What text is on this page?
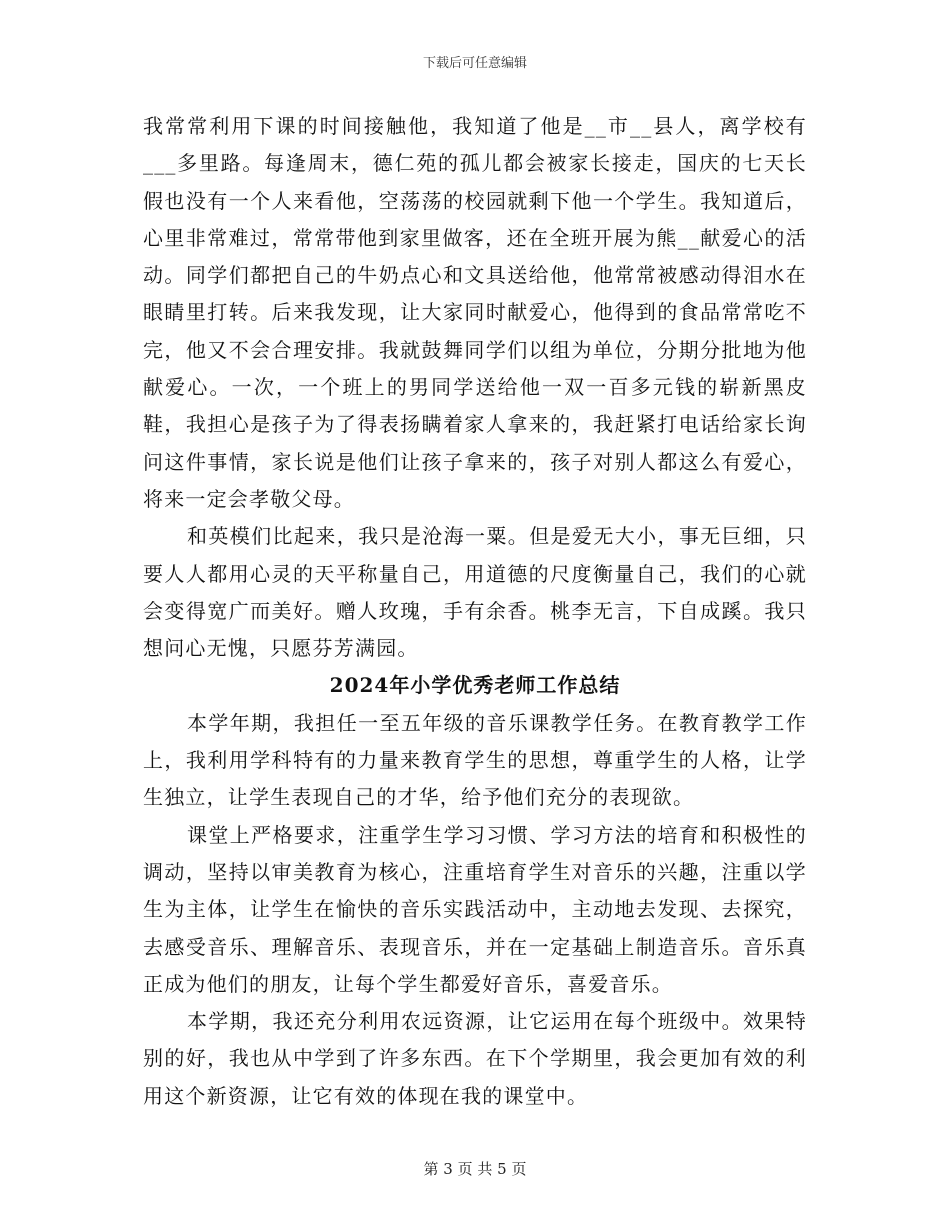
下载后可任意编辑

我常常利用下课的时间接触他，我知道了他是__市__县人，离学校有___多里路。每逢周末，德仁苑的孤儿都会被家长接走，国庆的七天长假也没有一个人来看他，空荡荡的校园就剩下他一个学生。我知道后，心里非常难过，常常带他到家里做客，还在全班开展为熊__献爱心的活动。同学们都把自己的牛奶点心和文具送给他，他常常被感动得泪水在眼睛里打转。后来我发现，让大家同时献爱心，他得到的食品常常吃不完，他又不会合理安排。我就鼓舞同学们以组为单位，分期分批地为他献爱心。一次，一个班上的男同学送给他一双一百多元钱的崭新黑皮鞋，我担心是孩子为了得表扬瞒着家人拿来的，我赶紧打电话给家长询问这件事情，家长说是他们让孩子拿来的，孩子对别人都这么有爱心，将来一定会孝敬父母。

和英模们比起来，我只是沧海一粟。但是爱无大小，事无巨细，只要人人都用心灵的天平称量自己，用道德的尺度衡量自己，我们的心就会变得宽广而美好。赠人玫瑰，手有余香。桃李无言，下自成蹊。我只想问心无愧，只愿芬芳满园。

2024年小学优秀老师工作总结

本学年期，我担任一至五年级的音乐课教学任务。在教育教学工作上，我利用学科特有的力量来教育学生的思想，尊重学生的人格，让学生独立，让学生表现自己的才华，给予他们充分的表现欲。

课堂上严格要求，注重学生学习习惯、学习方法的培育和积极性的调动，坚持以审美教育为核心，注重培育学生对音乐的兴趣，注重以学生为主体，让学生在愉快的音乐实践活动中，主动地去发现、去探究，去感受音乐、理解音乐、表现音乐，并在一定基础上制造音乐。音乐真正成为他们的朋友，让每个学生都爱好音乐，喜爱音乐。

本学期，我还充分利用农远资源，让它运用在每个班级中。效果特别的好，我也从中学到了许多东西。在下个学期里，我会更加有效的利用这个新资源，让它有效的体现在我的课堂中。

第 3 页 共 5 页
